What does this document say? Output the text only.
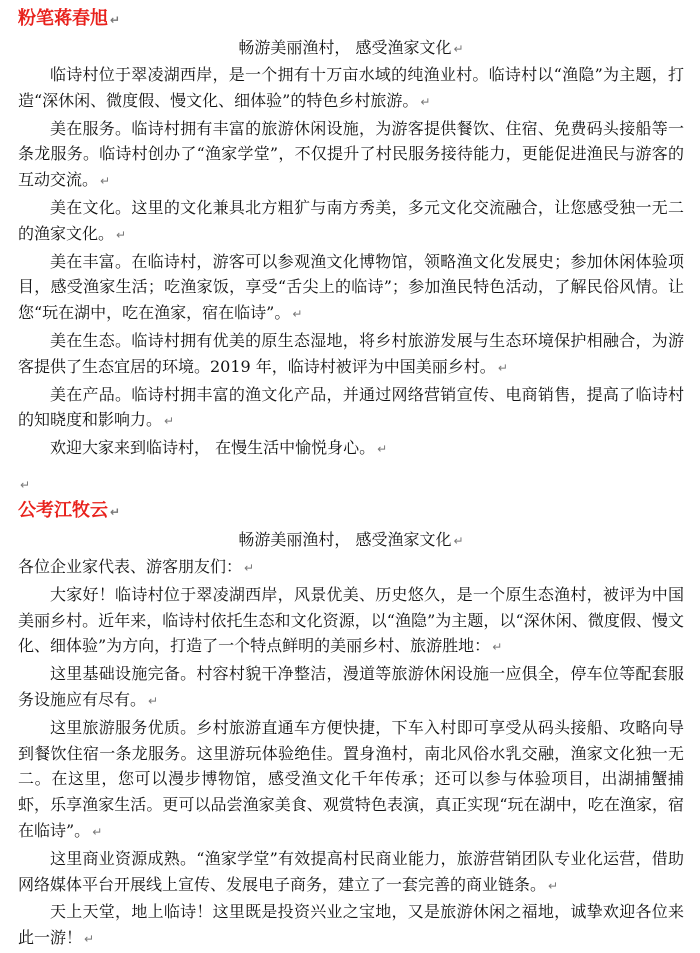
粉笔蒋春旭 ↵
畅游美丽渔村， 感受渔家文化 ↵

临诗村位于翠凌湖西岸，是一个拥有十万亩水域的纯渔业村。临诗村以“渔隐”为主题，打造“深休闲、微度假、慢文化、细体验”的特色乡村旅游。 ↵

美在服务。临诗村拥有丰富的旅游休闲设施，为游客提供餐饮、住宿、免费码头接船等一条龙服务。临诗村创办了“渔家学堂”，不仅提升了村民服务接待能力，更能促进渔民与游客的互动交流。 ↵

美在文化。这里的文化兼具北方粗犷与南方秀美，多元文化交流融合，让您感受独一无二的渔家文化。 ↵

美在丰富。在临诗村，游客可以参观渔文化博物馆，领略渔文化发展史；参加休闲体验项目，感受渔家生活；吃渔家饭，享受“舌尖上的临诗”；参加渔民特色活动，了解民俗风情。让您“玩在湖中，吃在渔家，宿在临诗”。 ↵

美在生态。临诗村拥有优美的原生态湿地，将乡村旅游发展与生态环境保护相融合，为游客提供了生态宜居的环境。2019 年，临诗村被评为中国美丽乡村。 ↵

美在产品。临诗村拥丰富的渔文化产品，并通过网络营销宣传、电商销售，提高了临诗村的知晓度和影响力。 ↵

欢迎大家来到临诗村， 在慢生活中愉悦身心。 ↵

↵
公考江牧云 ↵
畅游美丽渔村， 感受渔家文化 ↵

各位企业家代表、游客朋友们： ↵

大家好！临诗村位于翠凌湖西岸，风景优美、历史悠久，是一个原生态渔村，被评为中国美丽乡村。近年来，临诗村依托生态和文化资源，以“渔隐”为主题，以“深休闲、微度假、慢文化、细体验”为方向，打造了一个特点鲜明的美丽乡村、旅游胜地： ↵

这里基础设施完备。村容村貌干净整洁，漫道等旅游休闲设施一应俱全，停车位等配套服务设施应有尽有。 ↵

这里旅游服务优质。乡村旅游直通车方便快捷，下车入村即可享受从码头接船、攻略向导到餐饮住宿一条龙服务。这里游玩体验绝佳。置身渔村，南北风俗水乳交融，渔家文化独一无二。在这里，您可以漫步博物馆，感受渔文化千年传承；还可以参与体验项目，出湖捕蟹捕虾，乐享渔家生活。更可以品尝渔家美食、观赏特色表演，真正实现“玩在湖中，吃在渔家，宿在临诗”。 ↵

这里商业资源成熟。“渔家学堂”有效提高村民商业能力，旅游营销团队专业化运营，借助网络媒体平台开展线上宣传、发展电子商务，建立了一套完善的商业链条。 ↵

天上天堂，地上临诗！这里既是投资兴业之宝地，又是旅游休闲之福地，诚挚欢迎各位来此一游！ ↵
